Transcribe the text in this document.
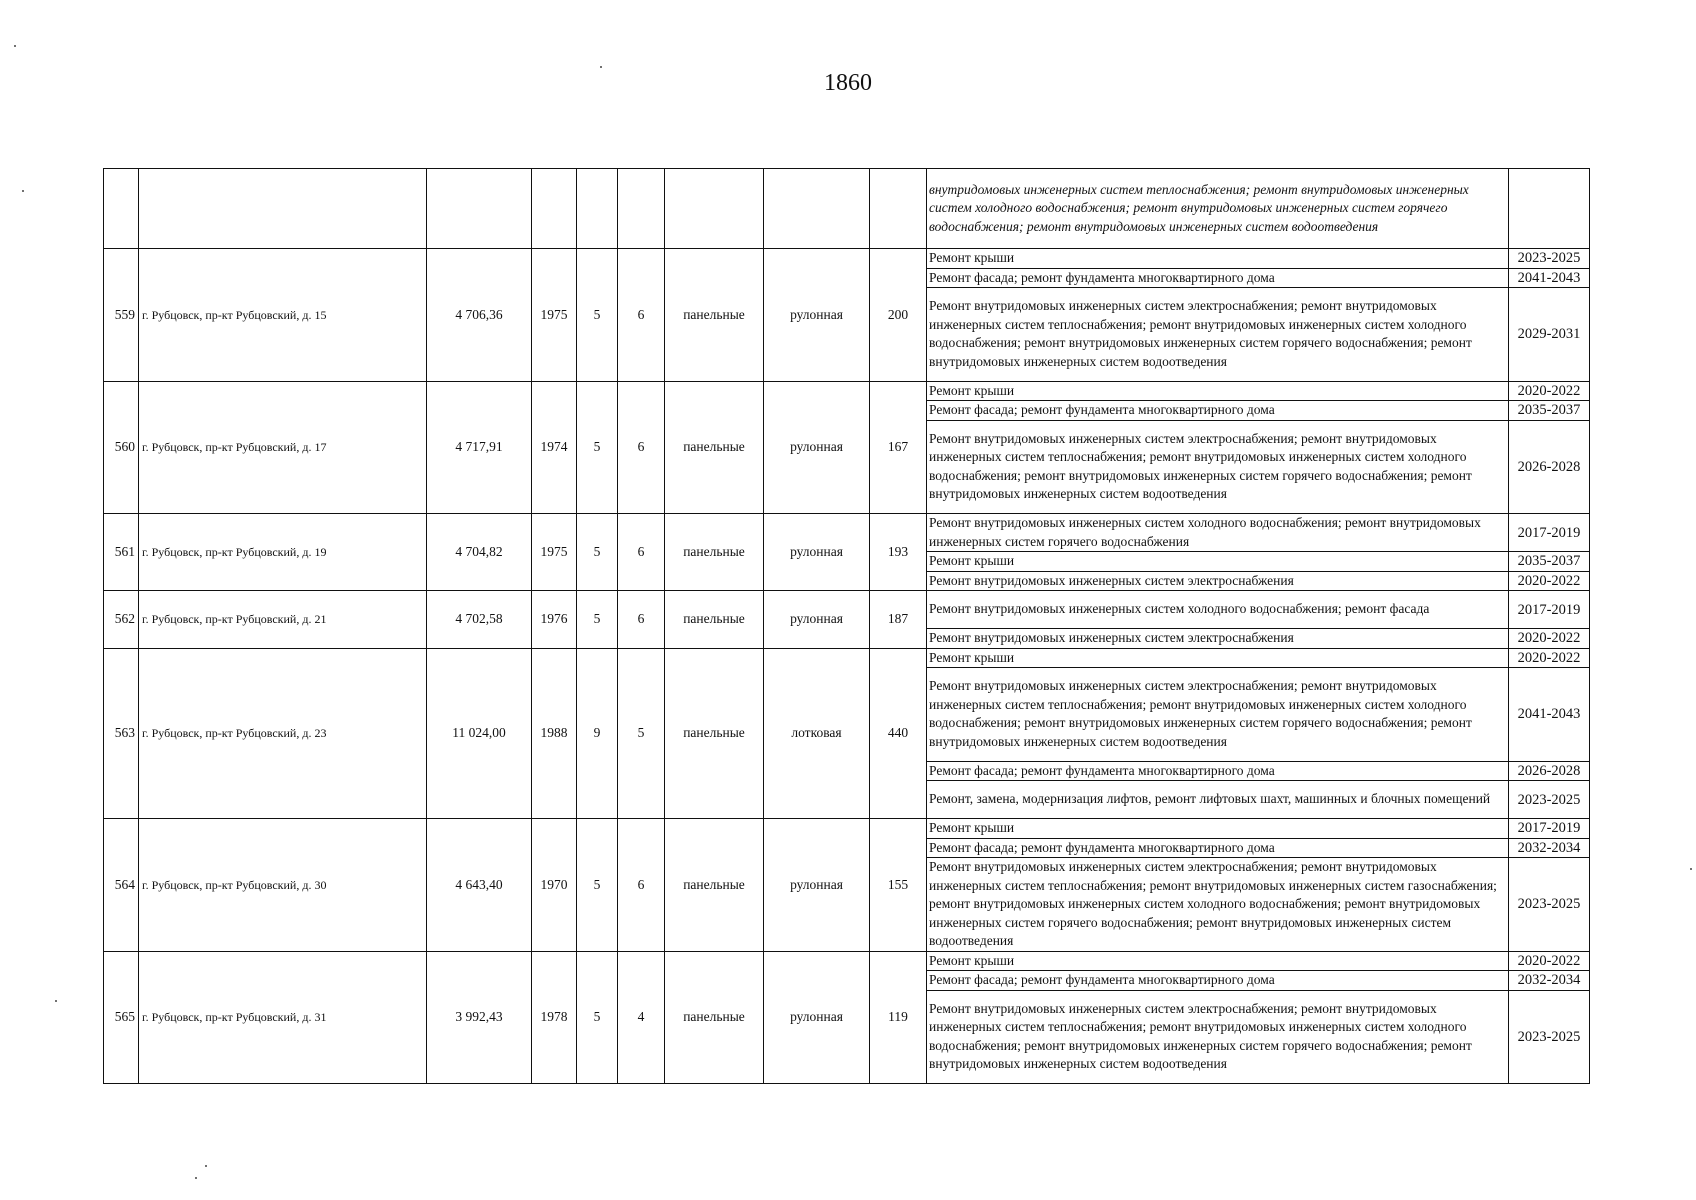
1860
									внутридомовых инженерных систем теплоснабжения; ремонт внутридомовых инженерных систем холодного водоснабжения; ремонт внутридомовых инженерных систем горячего водоснабжения; ремонт внутридомовых инженерных систем водоотведения	
559	г. Рубцовск, пр-кт Рубцовский, д. 15	4 706,36	1975	5	6	панельные	рулонная	200	Ремонт крыши	2023-2025
									Ремонт фасада; ремонт фундамента многоквартирного дома	2041-2043
									Ремонт внутридомовых инженерных систем электроснабжения; ремонт внутридомовых инженерных систем теплоснабжения; ремонт внутридомовых инженерных систем холодного водоснабжения; ремонт внутридомовых инженерных систем горячего водоснабжения; ремонт внутридомовых инженерных систем водоотведения	2029-2031
560	г. Рубцовск, пр-кт Рубцовский, д. 17	4 717,91	1974	5	6	панельные	рулонная	167	Ремонт крыши	2020-2022
									Ремонт фасада; ремонт фундамента многоквартирного дома	2035-2037
									Ремонт внутридомовых инженерных систем электроснабжения; ремонт внутридомовых инженерных систем теплоснабжения; ремонт внутридомовых инженерных систем холодного водоснабжения; ремонт внутридомовых инженерных систем горячего водоснабжения; ремонт внутридомовых инженерных систем водоотведения	2026-2028
561	г. Рубцовск, пр-кт Рубцовский, д. 19	4 704,82	1975	5	6	панельные	рулонная	193	Ремонт внутридомовых инженерных систем холодного водоснабжения; ремонт внутридомовых инженерных систем горячего водоснабжения	2017-2019
									Ремонт крыши	2035-2037
									Ремонт внутридомовых инженерных систем электроснабжения	2020-2022
562	г. Рубцовск, пр-кт Рубцовский, д. 21	4 702,58	1976	5	6	панельные	рулонная	187	Ремонт внутридомовых инженерных систем холодного водоснабжения; ремонт фасада	2017-2019
									Ремонт внутридомовых инженерных систем электроснабжения	2020-2022
563	г. Рубцовск, пр-кт Рубцовский, д. 23	11 024,00	1988	9	5	панельные	лотковая	440	Ремонт крыши	2020-2022
									Ремонт внутридомовых инженерных систем электроснабжения; ремонт внутридомовых инженерных систем теплоснабжения; ремонт внутридомовых инженерных систем холодного водоснабжения; ремонт внутридомовых инженерных систем горячего водоснабжения; ремонт внутридомовых инженерных систем водоотведения	2041-2043
									Ремонт фасада; ремонт фундамента многоквартирного дома	2026-2028
									Ремонт, замена, модернизация лифтов, ремонт лифтовых шахт, машинных и блочных помещений	2023-2025
564	г. Рубцовск, пр-кт Рубцовский, д. 30	4 643,40	1970	5	6	панельные	рулонная	155	Ремонт крыши	2017-2019
									Ремонт фасада; ремонт фундамента многоквартирного дома	2032-2034
									Ремонт внутридомовых инженерных систем электроснабжения; ремонт внутридомовых инженерных систем теплоснабжения; ремонт внутридомовых инженерных систем газоснабжения; ремонт внутридомовых инженерных систем холодного водоснабжения; ремонт внутридомовых инженерных систем горячего водоснабжения; ремонт внутридомовых инженерных систем водоотведения	2023-2025
565	г. Рубцовск, пр-кт Рубцовский, д. 31	3 992,43	1978	5	4	панельные	рулонная	119	Ремонт крыши	2020-2022
									Ремонт фасада; ремонт фундамента многоквартирного дома	2032-2034
									Ремонт внутридомовых инженерных систем электроснабжения; ремонт внутридомовых инженерных систем теплоснабжения; ремонт внутридомовых инженерных систем холодного водоснабжения; ремонт внутридомовых инженерных систем горячего водоснабжения; ремонт внутридомовых инженерных систем водоотведения	2023-2025
